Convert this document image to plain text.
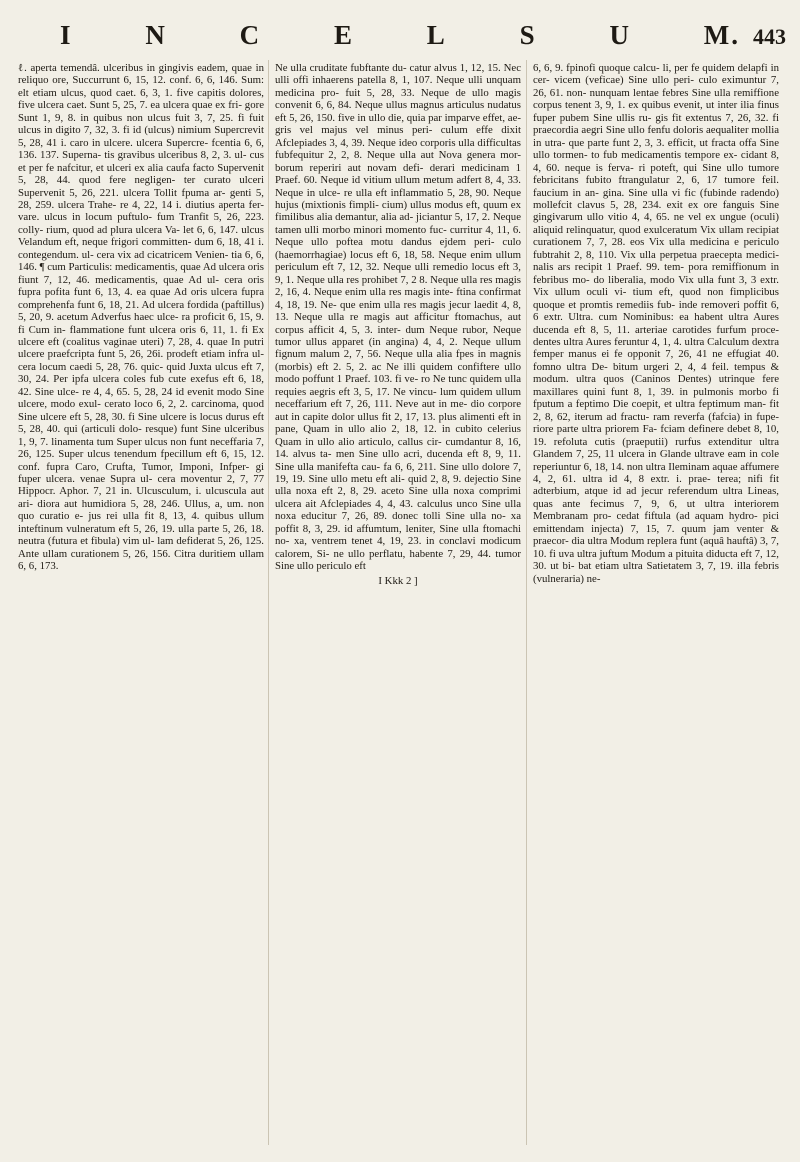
I	N	C	E	L	S	U	M. 443
ℓ. aperta temendâ. ulceribus in gingivis eadem, quae in reliquo ore, Succurrunt 6, 15, 12. conf. 6, 6, 146. Sum: elt etiam ulcus, quod caet. 6, 3, 1. five capitis dolores, five ulcera caet. Sunt 5, 25, 7. ea ulcera quae ex fri- gore Sunt 1, 9, 8. in quibus non ulcus fuit 3, 7, 25. fi fuit ulcus in digito 7, 32, 3. fi id (ulcus) nimium Supercrevit 5, 28, 41 i. caro in ulcere. ulcera Supercre- fcentia 6, 6, 136. 137. Superna- tis gravibus ulceribus 8, 2, 3. ul- cus et per fe nafcitur, et ulceri ex alia caufa facto Supervenit 5, 28, 44. quod fere negligen- ter curato ulceri Supervenit 5, 26, 221. ulcera Tollit fpuma ar- genti 5, 28, 259. ulcera Trahe- re 4, 22, 14 i. diutius aperta fer- vare. ulcus in locum puftulo- fum Tranfit 5, 26, 223. colly- rium, quod ad plura ulcera Va- let 6, 6, 147. ulcus Velandum eft, neque frigori committen- dum 6, 18, 41 i. contegendum. ul- cera vix ad cicatricem Venien- tia 6, 6, 146. ¶ cum Particulis: medicamentis, quae Ad ulcera oris fiunt 7, 12, 46. medicamentis, quae Ad ul- cera oris fupra pofita funt 6, 13, 4. ea quae Ad oris ulcera fupra comprehenfa funt 6, 18, 21. Ad ulcera fordida (paftillus) 5, 20, 9. acetum Adverfus haec ulce- ra proficit 6, 15, 9. fi Cum in- flammatione funt ulcera oris 6, 11, 1. fi Ex ulcere eft (coalitus vaginae uteri) 7, 28, 4. quae In putri ulcere praefcripta funt 5, 26, 26i. prodeft etiam infra ul- cera locum caedi 5, 28, 76. quic- quid Juxta ulcus eft 7, 30, 24. Per ipfa ulcera coles fub cute exefus eft 6, 18, 42. Sine ulce- re 4, 4, 65. 5, 28, 24 id evenit modo Sine ulcere, modo exul- cerato loco 6, 2, 2. carcinoma, quod Sine ulcere eft 5, 28, 30. fi Sine ulcere is locus durus eft 5, 28, 40. qui (articuli dolo- resque) funt Sine ulceribus 1, 9, 7. linamenta tum Super ulcus non funt neceffaria 7, 26, 125. Super ulcus tenendum fpecillum eft 6, 15, 12. conf. fupra Caro, Crufta, Tumor, Imponi, Infper- gi fuper ulcera. venae Supra ul- cera moventur 2, 7, 77 Hippocr. Aphor. 7, 21 in. Ulcusculum, i. ulcuscula aut ari- diora aut humidiora 5, 28, 246. Ullus, a, um. non quo curatio e- jus rei ulla fit 8, 13, 4. quibus ullum inteftinum vulneratum eft 5, 26, 19. ulla parte 5, 26, 18. neutra (futura et fibula) vim ul- lam defiderat 5, 26, 125. Ante ullam curationem 5, 26, 156. Citra duritiem ullam 6, 6, 173.
Ne ulla cruditate fubftante du- catur alvus 1, 12, 15. Nec ulli offi inhaerens patella 8, 1, 107. Neque ulli unquam medicina pro- fuit 5, 28, 33. Neque de ullo magis convenit 6, 6, 84. Neque ullus magnus articulus nudatus eft 5, 26, 150. five in ullo die, quia par imparve effet, ae- gris vel majus vel minus peri- culum effe dixit Afclepiades 3, 4, 39. Neque ideo corporis ulla difficultas fubfequitur 2, 2, 8. Neque ulla aut Nova genera mor- borum reperiri aut novam defi- derari medicinam 1 Praef. 60. Neque id vitium ullum metum adfert 8, 4, 33. Neque in ulce- re ulla eft inflammatio 5, 28, 90. Neque hujus (mixtionis fimpli- cium) ullus modus eft, quum ex fimilibus alia demantur, alia ad- jiciantur 5, 17, 2. Neque tamen ulli morbo minori momento fuc- curritur 4, 11, 6. Neque ullo poftea motu dandus ejdem peri- culo (haemorrhagiae) locus eft 6, 18, 58. Neque enim ullum periculum eft 7, 12, 32. Neque ulli remedio locus eft 3, 9, 1. Neque ulla res prohibet 7, 2 8. Neque ulla res magis 2, 16, 4. Neque enim ulla res magis inte- ftina confirmat 4, 18, 19. Ne- que enim ulla res magis jecur laedit 4, 8, 13. Neque ulla re magis aut afficitur ftomachus, aut corpus afficit 4, 5, 3. inter- dum Neque rubor, Neque tumor ullus apparet (in angina) 4, 4, 2. Neque ullum fignum malum 2, 7, 56. Neque ulla alia fpes in magnis (morbis) eft 2. 5, 2. ac Ne illi quidem confiftere ullo modo poffunt 1 Praef. 103. fi ve- ro Ne tunc quidem ulla requies aegris eft 3, 5, 17. Ne vincu- lum quidem ullum neceffarium eft 7, 26, 111. Neve aut in me- dio corpore aut in capite dolor ullus fit 2, 17, 13. plus alimenti eft in pane, Quam in ullo alio 2, 18, 12. in cubito celerius Quam in ullo alio articulo, callus cir- cumdantur 8, 16, 14. alvus ta- men Sine ullo acri, ducenda eft 8, 9, 11. Sine ulla manifefta cau- fa 6, 6, 211. Sine ullo dolore 7, 19, 19. Sine ullo metu eft ali- quid 2, 8, 9. dejectio Sine ulla noxa eft 2, 8, 29. aceto Sine ulla noxa comprimi ulcera ait Afclepiades 4, 4, 43. calculus unco Sine ulla noxa educitur 7, 26, 89. donec tolli Sine ulla no- xa poffit 8, 3, 29. id affumtum, leniter, Sine ulla ftomachi no- xa, ventrem tenet 4, 19, 23. in conclavi modicum calorem, Si- ne ullo perflatu, habente 7, 29, 44. tumor Sine ullo periculo eft
I Kkk 2 ]
6, 6, 9. fpinofi quoque calcu- li, per fe quidem delapfi in cer- vicem (veficae) Sine ullo peri- culo eximuntur 7, 26, 61. non- nunquam lentae febres Sine ulla remiffione corpus tenent 3, 9, 1. ex quibus evenit, ut inter ilia finus fuper pubem Sine ullis ru- gis fit extentus 7, 26, 32. fi praecordia aegri Sine ullo fenfu doloris aequaliter mollia in utra- que parte funt 2, 3, 3. efficit, ut fracta offa Sine ullo tormen- to fub medicamentis tempore ex- cidant 8, 4, 60. neque is ferva- ri poteft, qui Sine ullo tumore febricitans fubito ftrangulatur 2, 6, 17 tumore feil. faucium in an- gina. Sine ulla vi fic (fubinde radendo) mollefcit clavus 5, 28, 234. exit ex ore fanguis Sine gingivarum ullo vitio 4, 4, 65. ne vel ex ungue (oculi) aliquid relinquatur, quod exulceratum Vix ullam recipiat curationem 7, 7, 28. eos Vix ulla medicina e periculo fubtrahit 2, 8, 110. Vix ulla perpetua praecepta medici- nalis ars recipit 1 Praef. 99. tem- pora remiffionum in febribus mo- do liberalia, modo Vix ulla funt 3, 3 extr. Vix ullum oculi vi- tium eft, quod non fimplicibus quoque et promtis remediis fub- inde removeri poffit 6, 6 extr. Ultra. cum Nominibus: ea habent ultra Aures ducenda eft 8, 5, 11. arteriae carotides furfum proce- dentes ultra Aures feruntur 4, 1, 4. ultra Calculum dextra femper manus ei fe opponit 7, 26, 41 ne effugiat 40. fomno ultra De- bitum urgeri 2, 4, 4 feil. tempus & modum. ultra quos (Caninos Dentes) utrinque fere maxillares quini funt 8, 1, 39. in pulmonis morbo fi fputum a feptimo Die coepit, et ultra feptimum man- fit 2, 8, 62, iterum ad fractu- ram reverfa (fafcia) in fupe- riore parte ultra priorem Fa- fciam definere debet 8, 10, 19. refoluta cutis (praeputii) rurfus extenditur ultra Glandem 7, 25, 11 ulcera in Glande ultrave eam in cole reperiuntur 6, 18, 14. non ultra Ileminam aquae affumere 4, 2, 61. ultra id 4, 8 extr. i. prae- terea; nifi fit adterbium, atque id ad jecur referendum ultra Lineas, quas ante fecimus 7, 9, 6, ut ultra interiorem Membranam pro- cedat fiftula (ad aquam hydro- pici emittendam injecta) 7, 15, 7. quum jam venter & praecor- dia ultra Modum replera funt (aquâ hauftâ) 3, 7, 10. fi uva ultra juftum Modum a pituita diducta eft 7, 12, 30. ut bi- bat etiam ultra Satietatem 3, 7, 19. illa febris (vulneraria) ne-
